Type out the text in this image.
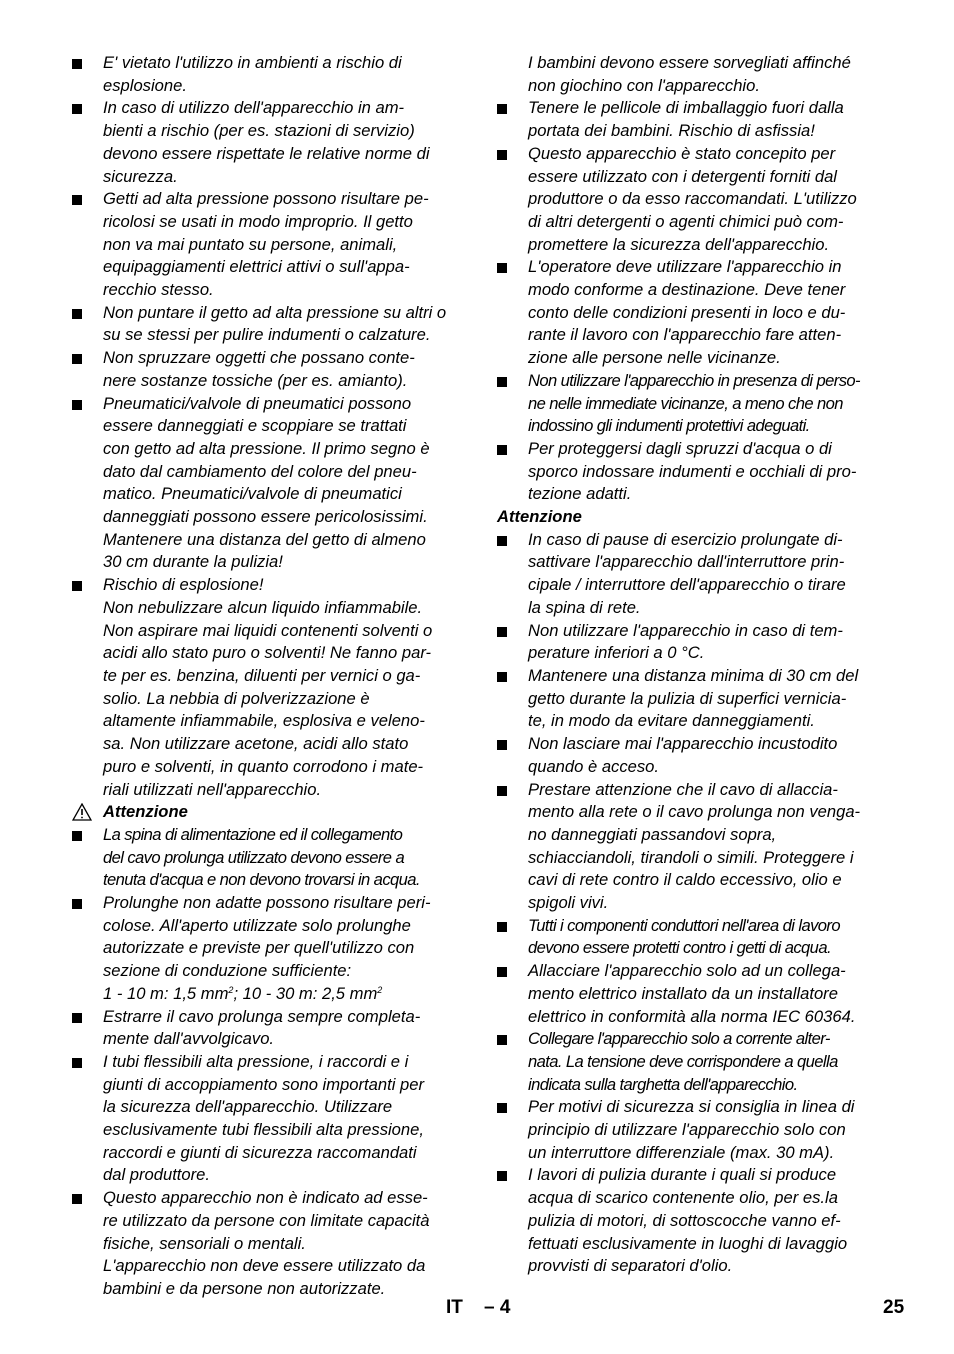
E' vietato l'utilizzo in ambienti a rischio di
esplosione.
In caso di utilizzo dell'apparecchio in am-
bienti a rischio (per es. stazioni di servizio)
devono essere rispettate le relative norme di
sicurezza.
Getti ad alta pressione possono risultare pe-
ricolosi se usati in modo improprio. Il getto
non va mai puntato su persone, animali,
equipaggiamenti elettrici attivi o sull'appa-
recchio stesso.
Non puntare il getto ad alta pressione su altri o
su se stessi per pulire indumenti o calzature.
Non spruzzare oggetti che possano conte-
nere sostanze tossiche (per es. amianto).
Pneumatici/valvole di pneumatici possono
essere danneggiati e scoppiare se trattati
con getto ad alta pressione. Il primo segno è
dato dal cambiamento del colore del pneu-
matico. Pneumatici/valvole di pneumatici
danneggiati possono essere pericolosissimi.
Mantenere una distanza del getto di almeno
30 cm durante la pulizia!
Rischio di esplosione!
Non nebulizzare alcun liquido infiammabile.
Non aspirare mai liquidi contenenti solventi o
acidi allo stato puro o solventi! Ne fanno par-
te per es. benzina, diluenti per vernici o ga-
solio. La nebbia di polverizzazione è
altamente infiammabile, esplosiva e veleno-
sa. Non utilizzare acetone, acidi allo stato
puro e solventi, in quanto corrodono i mate-
riali utilizzati nell'apparecchio.
Attenzione
La spina di alimentazione ed il collegamento
del cavo prolunga utilizzato devono essere a
tenuta d'acqua e non devono trovarsi in acqua.
Prolunghe non adatte possono risultare peri-
colose. All'aperto utilizzate solo prolunghe
autorizzate e previste per quell'utilizzo con
sezione di conduzione sufficiente:
1 - 10 m: 1,5 $mm^2$; 10 - 30 m: 2,5 $mm^2$
Estrarre il cavo prolunga sempre completa-
mente dall'avvolgicavo.
I tubi flessibili alta pressione, i raccordi e i
giunti di accoppiamento sono importanti per
la sicurezza dell'apparecchio. Utilizzare
esclusivamente tubi flessibili alta pressione,
raccordi e giunti di sicurezza raccomandati
dal produttore.
Questo apparecchio non è indicato ad esse-
re utilizzato da persone con limitate capacità
fisiche, sensoriali o mentali.
L'apparecchio non deve essere utilizzato da
bambini e da persone non autorizzate.
I bambini devono essere sorvegliati affinché
non giochino con l'apparecchio.
Tenere le pellicole di imballaggio fuori dalla
portata dei bambini. Rischio di asfissia!
Questo apparecchio è stato concepito per
essere utilizzato con i detergenti forniti dal
produttore o da esso raccomandati. L'utilizzo
di altri detergenti o agenti chimici può com-
promettere la sicurezza dell'apparecchio.
L'operatore deve utilizzare l'apparecchio in
modo conforme a destinazione. Deve tener
conto delle condizioni presenti in loco e du-
rante il lavoro con l'apparecchio fare atten-
zione alle persone nelle vicinanze.
Non utilizzare l'apparecchio in presenza di perso-
ne nelle immediate vicinanze, a meno che non
indossino gli indumenti protettivi adeguati.
Per proteggersi dagli spruzzi d'acqua o di
sporco indossare indumenti e occhiali di pro-
tezione adatti.
Attenzione
In caso di pause di esercizio prolungate di-
sattivare l'apparecchio dall'interruttore prin-
cipale / interruttore dell'apparecchio o tirare
la spina di rete.
Non utilizzare l'apparecchio in caso di tem-
perature inferiori a 0 °C.
Mantenere una distanza minima di 30 cm del
getto durante la pulizia di superfici vernicia-
te, in modo da evitare danneggiamenti.
Non lasciare mai l'apparecchio incustodito
quando è acceso.
Prestare attenzione che il cavo di allaccia-
mento alla rete o il cavo prolunga non venga-
no danneggiati passandovi sopra,
schiacciandoli, tirandoli o simili. Proteggere i
cavi di rete contro il caldo eccessivo, olio e
spigoli vivi.
Tutti i componenti conduttori nell'area di lavoro
devono essere protetti contro i getti di acqua.
Allacciare l'apparecchio solo ad un collega-
mento elettrico installato da un installatore
elettrico in conformità alla norma IEC 60364.
Collegare l'apparecchio solo a corrente alter-
nata. La tensione deve corrispondere a quella
indicata sulla targhetta dell'apparecchio.
Per motivi di sicurezza si consiglia in linea di
principio di utilizzare l'apparecchio solo con
un interruttore differenziale (max. 30 mA).
I lavori di pulizia durante i quali si produce
acqua di scarico contenente olio, per es.la
pulizia di motori, di sottoscocche vanno ef-
fettuati esclusivamente in luoghi di lavaggio
provvisti di separatori d'olio.
IT – 4	25
